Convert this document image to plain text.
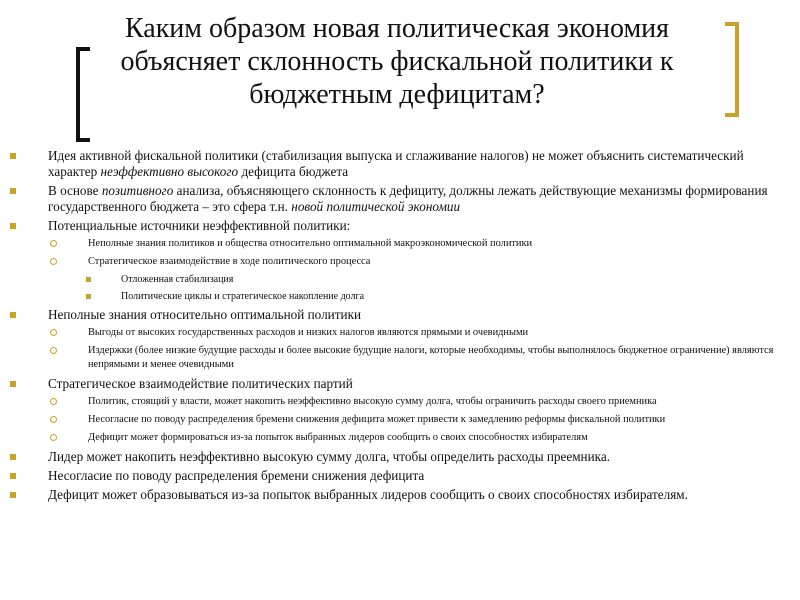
Каким образом новая политическая экономия объясняет склонность фискальной политики к бюджетным дефицитам?
Идея активной фискальной политики (стабилизация выпуска и сглаживание налогов) не может объяснить систематический характер неэффективно высокого дефицита бюджета
В основе позитивного анализа, объясняющего склонность к дефициту, должны лежать действующие механизмы формирования государственного бюджета – это сфера т.н. новой политической экономии
Потенциальные источники неэффективной политики:
Неполные знания политиков и общества относительно оптимальной макроэкономической политики
Стратегическое взаимодействие в ходе политического процесса
Отложенная стабилизация
Политические циклы и стратегическое накопление долга
Неполные знания относительно оптимальной политики
Выгоды от высоких государственных расходов и низких налогов являются прямыми и очевидными
Издержки (более низкие будущие расходы и более высокие будущие налоги, которые необходимы, чтобы выполнялось бюджетное ограничение) являются непрямыми и менее очевидными
Стратегическое взаимодействие политических партий
Политик, стоящий у власти, может накопить неэффективно высокую сумму долга, чтобы ограничить расходы своего приемника
Несогласие по поводу распределения бремени снижения дефицита может привести к замедлению реформы фискальной политики
Дефицит может формироваться из-за попыток выбранных лидеров сообщить о своих способностях избирателям
Лидер может накопить неэффективно высокую сумму долга, чтобы определить расходы преемника.
Несогласие по поводу распределения бремени снижения дефицита
Дефицит может образовываться из-за попыток выбранных лидеров сообщить о своих способностях избирателям.
